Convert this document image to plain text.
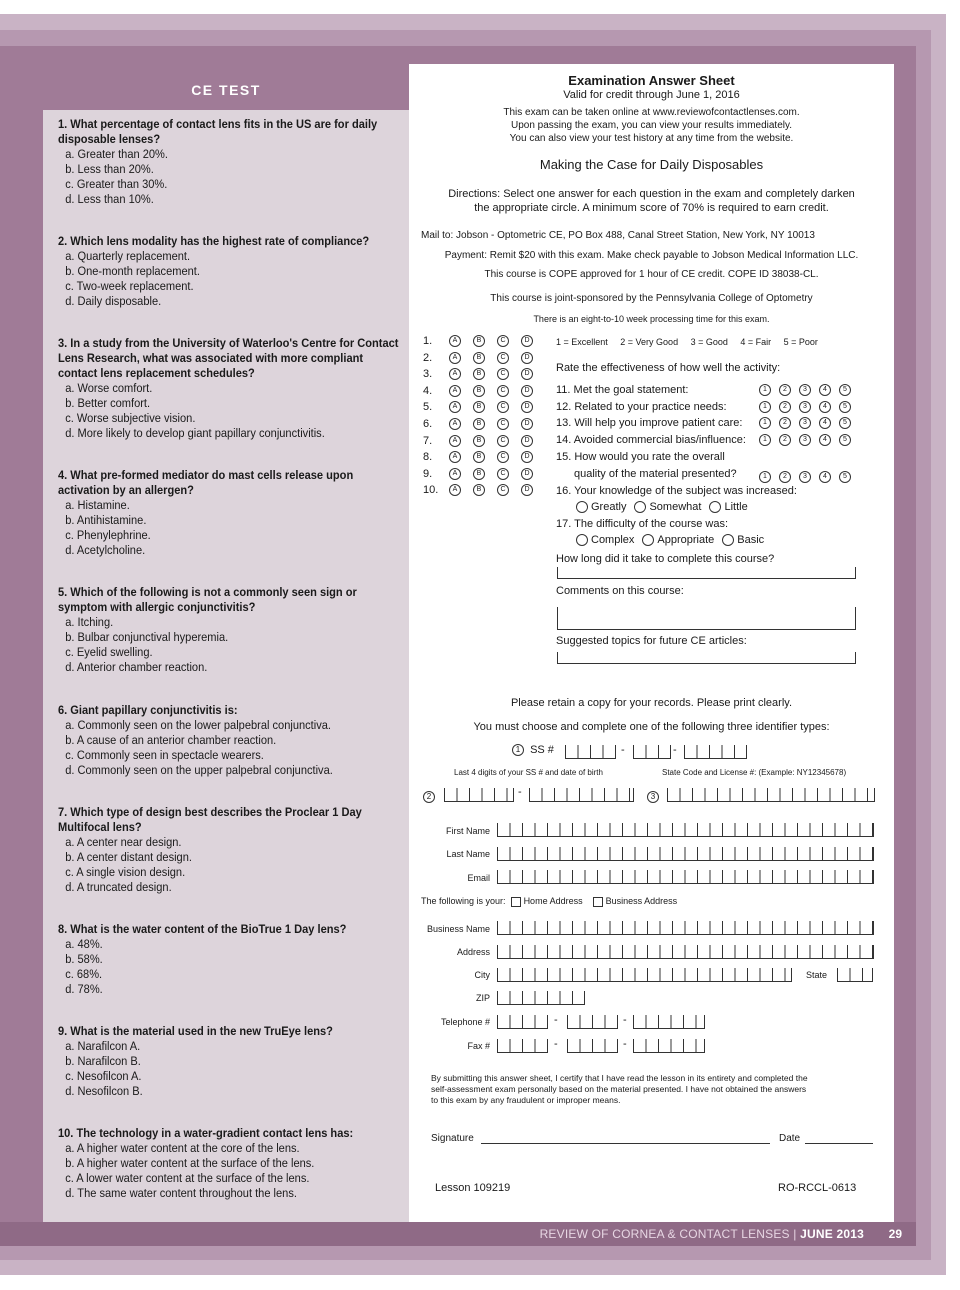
CE TEST
1. What percentage of contact lens fits in the US are for daily disposable lenses?
a. Greater than 20%.
b. Less than 20%.
c. Greater than 30%.
d. Less than 10%.
2. Which lens modality has the highest rate of compliance?
a. Quarterly replacement.
b. One-month replacement.
c. Two-week replacement.
d. Daily disposable.
3. In a study from the University of Waterloo's Centre for Contact Lens Research, what was associated with more compliant contact lens replacement schedules?
a. Worse comfort.
b. Better comfort.
c. Worse subjective vision.
d. More likely to develop giant papillary conjunctivitis.
4. What pre-formed mediator do mast cells release upon activation by an allergen?
a. Histamine.
b. Antihistamine.
c. Phenylephrine.
d. Acetylcholine.
5. Which of the following is not a commonly seen sign or symptom with allergic conjunctivitis?
a. Itching.
b. Bulbar conjunctival hyperemia.
c. Eyelid swelling.
d. Anterior chamber reaction.
6. Giant papillary conjunctivitis is:
a. Commonly seen on the lower palpebral conjunctiva.
b. A cause of an anterior chamber reaction.
c. Commonly seen in spectacle wearers.
d. Commonly seen on the upper palpebral conjunctiva.
7. Which type of design best describes the Proclear 1 Day Multifocal lens?
a. A center near design.
b. A center distant design.
c. A single vision design.
d. A truncated design.
8. What is the water content of the BioTrue 1 Day lens?
a. 48%.
b. 58%.
c. 68%.
d. 78%.
9. What is the material used in the new TruEye lens?
a. Narafilcon A.
b. Narafilcon B.
c. Nesofilcon A.
d. Nesofilcon B.
10. The technology in a water-gradient contact lens has:
a. A higher water content at the core of the lens.
b. A higher water content at the surface of the lens.
c. A lower water content at the surface of the lens.
d. The same water content throughout the lens.
Examination Answer Sheet
Valid for credit through June 1, 2016
This exam can be taken online at www.reviewofcontactlenses.com.
Upon passing the exam, you can view your results immediately.
You can also view your test history at any time from the website.
Making the Case for Daily Disposables
Directions: Select one answer for each question in the exam and completely darken
the appropriate circle. A minimum score of 70% is required to earn credit.
Mail to: Jobson - Optometric CE, PO Box 488, Canal Street Station, New York, NY 10013
Payment: Remit $20 with this exam. Make check payable to Jobson Medical Information LLC.
This course is COPE approved for 1 hour of CE credit. COPE ID 38038-CL.
This course is joint-sponsored by the Pennsylvania College of Optometry
There is an eight-to-10 week processing time for this exam.
1.	A	B	C	D
2.	A	B	C	D
3.	A	B	C	D
4.	A	B	C	D
5.	A	B	C	D
6.	A	B	C	D
7.	A	B	C	D
8.	A	B	C	D
9.	A	B	C	D
10. A	B	C	D
1 = Excellent     2 = Very Good     3 = Good     4 = Fair     5 = Poor
Rate the effectiveness of how well the activity:
11. Met the goal statement:	1 2 3 4 5
12. Related to your practice needs:	1 2 3 4 5
13. Will help you improve patient care:	1 2 3 4 5
14. Avoided commercial bias/influence: 1 2 3 4 5
15. How would you rate the overall
quality of the material presented?	1 2 3 4 5
16. Your knowledge of the subject was increased:
Greatly Somewhat Little
17. The difficulty of the course was:
Complex Appropriate Basic
How long did it take to complete this course?
Comments on this course:
Suggested topics for future CE articles:
Please retain a copy for your records. Please print clearly.
You must choose and complete one of the following three identifier types:
1 SS #	-	-
Last 4 digits of your SS # and date of birth	State Code and License #: (Example: NY12345678)
2	-	3
First Name
Last Name
Email
The following is your: Home Address	Business Address
Business Name
Address
City	State
ZIP
Telephone #	-	-
Fax #	-	-
By submitting this answer sheet, I certify that I have read the lesson in its entirety and completed the
self-assessment exam personally based on the material presented. I have not obtained the answers
to this exam by any fraudulent or improper means.
Signature	Date
Lesson 109219	RO-RCCL-0613
REVIEW OF CORNEA & CONTACT LENSES | JUNE 2013 29
